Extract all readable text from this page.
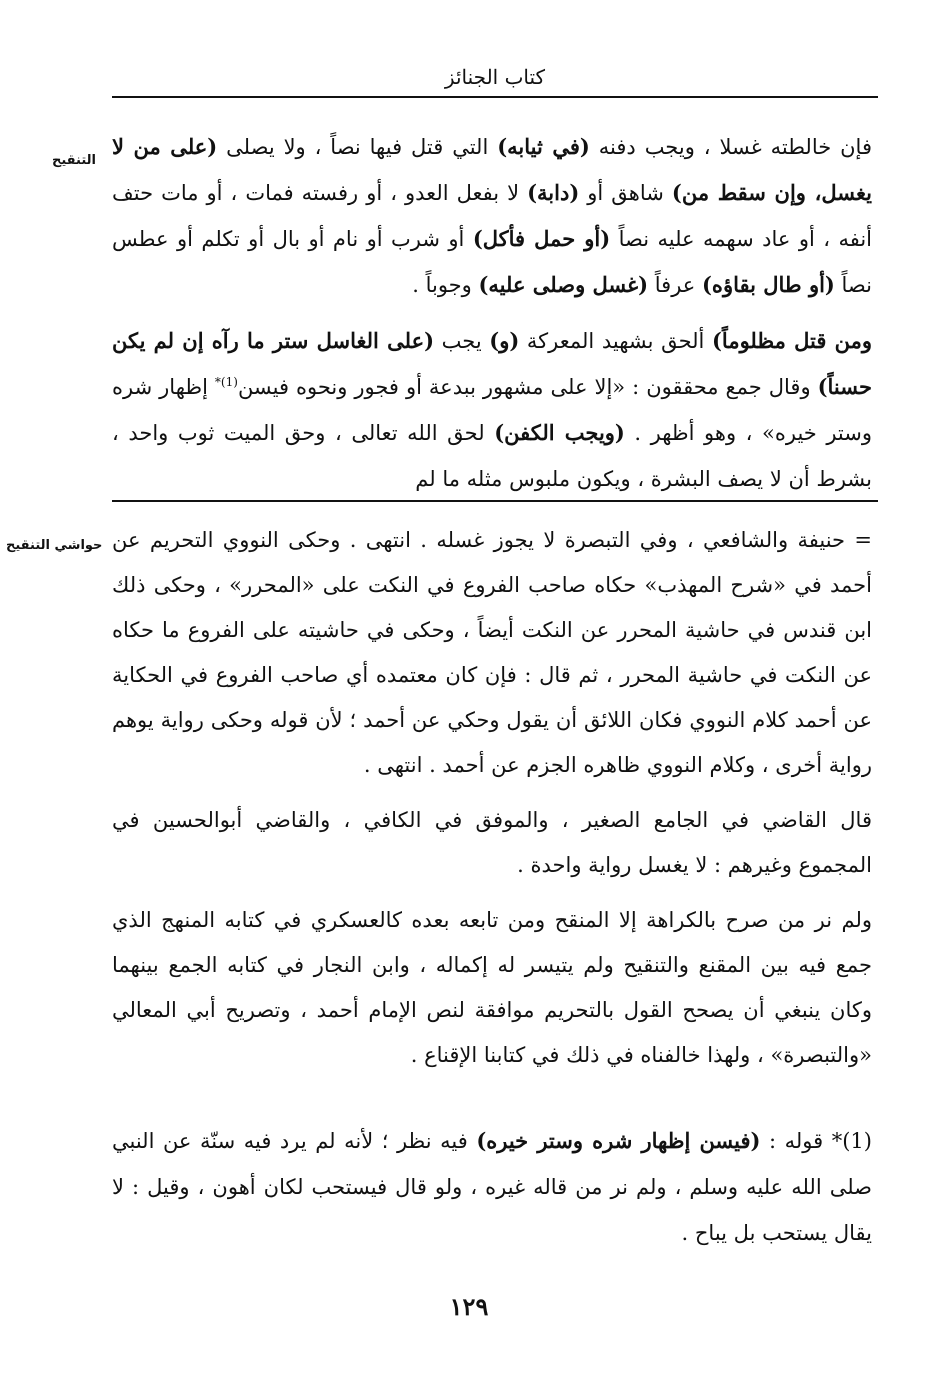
كتاب الجنائز
التنقيح
حواشي التنقيح

فإن خالطته غسلا ، ويجب دفنه (في ثيابه) التي قتل فيها نصاً ، ولا يصلى (على من لا يغسل، وإن سقط من) شاهق أو (دابة) لا بفعل العدو ، أو رفسته فمات ، أو مات حتف أنفه ، أو عاد سهمه عليه نصاً (أو حمل فأكل) أو شرب أو نام أو بال أو تكلم أو عطس نصاً (أو طال بقاؤه) عرفاً (غسل وصلى عليه) وجوباً .

ومن قتل مظلوماً) ألحق بشهيد المعركة (و) يجب (على الغاسل ستر ما رآه إن لم يكن حسناً) وقال جمع محققون : «إلا على مشهور ببدعة أو فجور ونحوه فيسن$^{(1)*}$ إظهار شره وستر خيره» ، وهو أظهر . (ويجب الكفن) لحق الله تعالى ، وحق الميت ثوب واحد ، بشرط أن لا يصف البشرة ، ويكون ملبوس مثله ما لم

= حنيفة والشافعي ، وفي التبصرة لا يجوز غسله . انتهى . وحكى النووي التحريم عن أحمد في «شرح المهذب» حكاه صاحب الفروع في النكت على «المحرر» ، وحكى ذلك ابن قندس في حاشية المحرر عن النكت أيضاً ، وحكى في حاشيته على الفروع ما حكاه عن النكت في حاشية المحرر ، ثم قال : فإن كان معتمده أي صاحب الفروع في الحكاية عن أحمد كلام النووي فكان اللائق أن يقول وحكي عن أحمد ؛ لأن قوله وحكى رواية يوهم رواية أخرى ، وكلام النووي ظاهره الجزم عن أحمد . انتهى .

قال القاضي في الجامع الصغير ، والموفق في الكافي ، والقاضي أبوالحسين في المجموع وغيرهم : لا يغسل رواية واحدة .

ولم نر من صرح بالكراهة إلا المنقح ومن تابعه بعده كالعسكري في كتابه المنهج الذي جمع فيه بين المقنع والتنقيح ولم يتيسر له إكماله ، وابن النجار في كتابه الجمع بينهما وكان ينبغي أن يصحح القول بالتحريم موافقة لنص الإمام أحمد ، وتصريح أبي المعالي «والتبصرة» ، ولهذا خالفناه في ذلك في كتابنا الإقناع .

(1)* قوله : (فيسن إظهار شره وستر خيره) فيه نظر ؛ لأنه لم يرد فيه سنّة عن النبي صلى الله عليه وسلم ، ولم نر من قاله غيره ، ولو قال فيستحب لكان أهون ، وقيل : لا يقال يستحب بل يباح .

١٢٩
